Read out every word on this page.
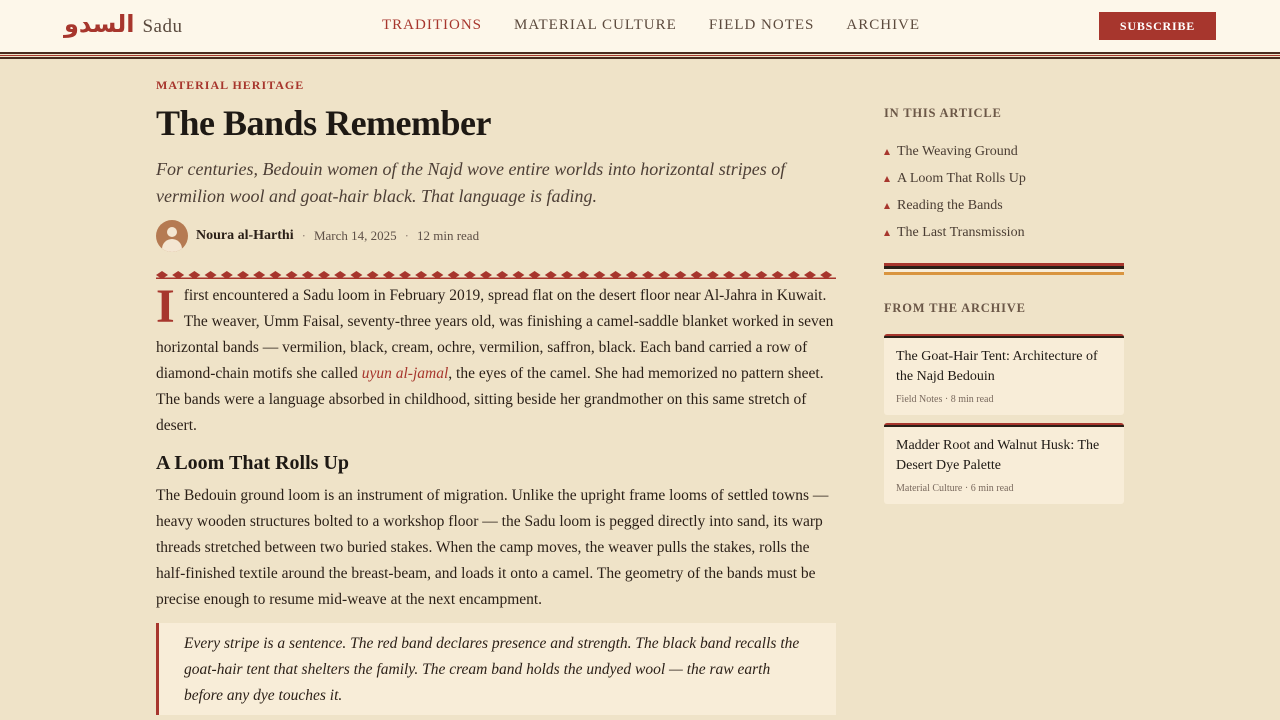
السدو Sadu	TRADITIONS MATERIAL CULTURE FIELD NOTES ARCHIVE	SUBSCRIBE
MATERIAL HERITAGE
The Bands Remember

For centuries, Bedouin women of the Najd wove entire worlds into horizontal stripes of vermilion wool and goat-hair black. That language is fading.

Noura al-Harthi · March 14, 2025 · 12 min read

Ifirst encountered a Sadu loom in February 2019, spread flat on the desert floor near Al-Jahra in Kuwait. The weaver, Umm Faisal, seventy-three years old, was finishing a camel-saddle blanket worked in seven horizontal bands — vermilion, black, cream, ochre, vermilion, saffron, black. Each band carried a row of diamond-chain motifs she called uyun al-jamal, the eyes of the camel. She had memorized no pattern sheet. The bands were a language absorbed in childhood, sitting beside her grandmother on this same stretch of desert.

A Loom That Rolls Up

The Bedouin ground loom is an instrument of migration. Unlike the upright frame looms of settled towns — heavy wooden structures bolted to a workshop floor — the Sadu loom is pegged directly into sand, its warp threads stretched between two buried stakes. When the camp moves, the weaver pulls the stakes, rolls the half-finished textile around the breast-beam, and loads it onto a camel. The geometry of the bands must be precise enough to resume mid-weave at the next encampment.

Every stripe is a sentence. The red band declares presence and strength. The black band recalls the goat-hair tent that shelters the family. The cream band holds the undyed wool — the raw earth before any dye touches it.
IN THIS ARTICLE
The Weaving Ground
A Loom That Rolls Up
Reading the Bands
The Last Transmission
FROM THE ARCHIVE
The Goat-Hair Tent: Architecture of the Najd Bedouin
Field Notes · 8 min read
Madder Root and Walnut Husk: The Desert Dye Palette
Material Culture · 6 min read
